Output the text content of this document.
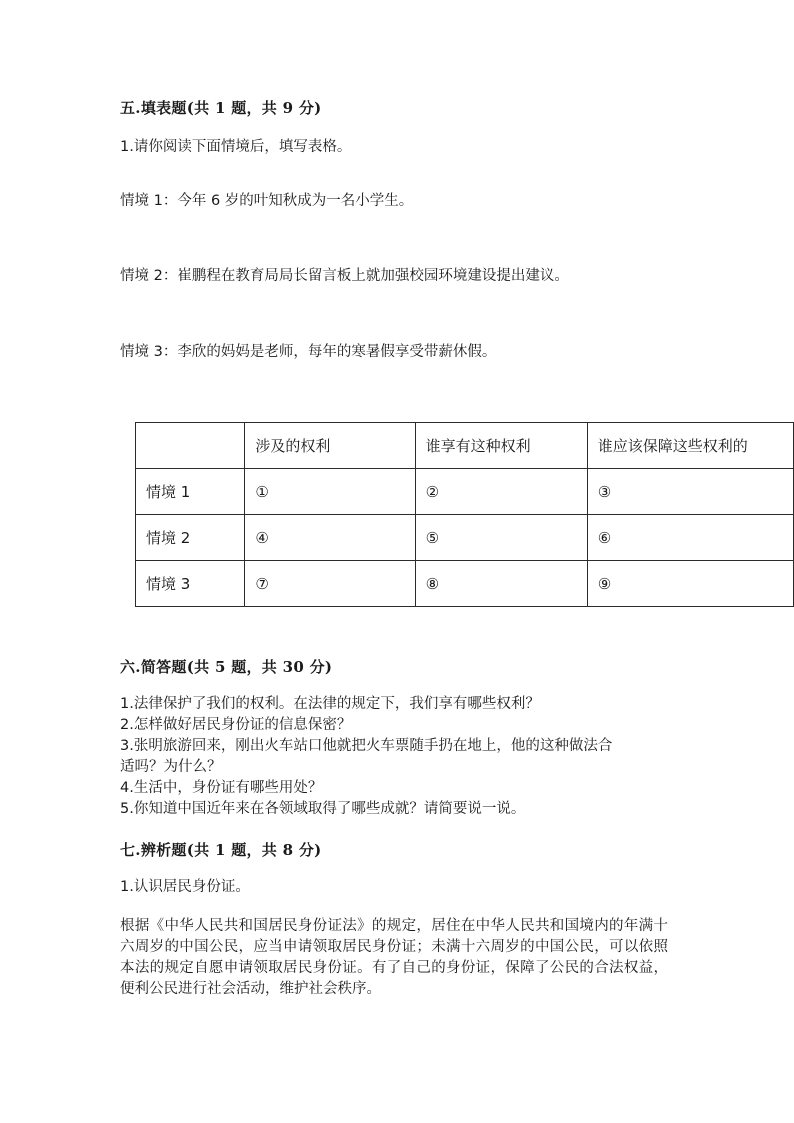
五.填表题(共 1 题，共 9 分)
1.请你阅读下面情境后，填写表格。
情境 1：今年 6 岁的叶知秋成为一名小学生。
情境 2：崔鹏程在教育局局长留言板上就加强校园环境建设提出建议。
情境 3：李欣的妈妈是老师，每年的寒暑假享受带薪休假。
	涉及的权利	谁享有这种权利	谁应该保障这些权利的
情境 1	①	②	③
情境 2	④	⑤	⑥
情境 3	⑦	⑧	⑨
六.简答题(共 5 题，共 30 分)
1.法律保护了我们的权利。在法律的规定下，我们享有哪些权利？
2.怎样做好居民身份证的信息保密？
3.张明旅游回来，刚出火车站口他就把火车票随手扔在地上，他的这种做法合
适吗？为什么？
4.生活中，身份证有哪些用处？
5.你知道中国近年来在各领域取得了哪些成就？请简要说一说。
七.辨析题(共 1 题，共 8 分)
1.认识居民身份证。
根据《中华人民共和国居民身份证法》的规定，居住在中华人民共和国境内的年满十六周岁的中国公民，应当申请领取居民身份证；未满十六周岁的中国公民，可以依照本法的规定自愿申请领取居民身份证。有了自己的身份证，保障了公民的合法权益，便利公民进行社会活动，维护社会秩序。
